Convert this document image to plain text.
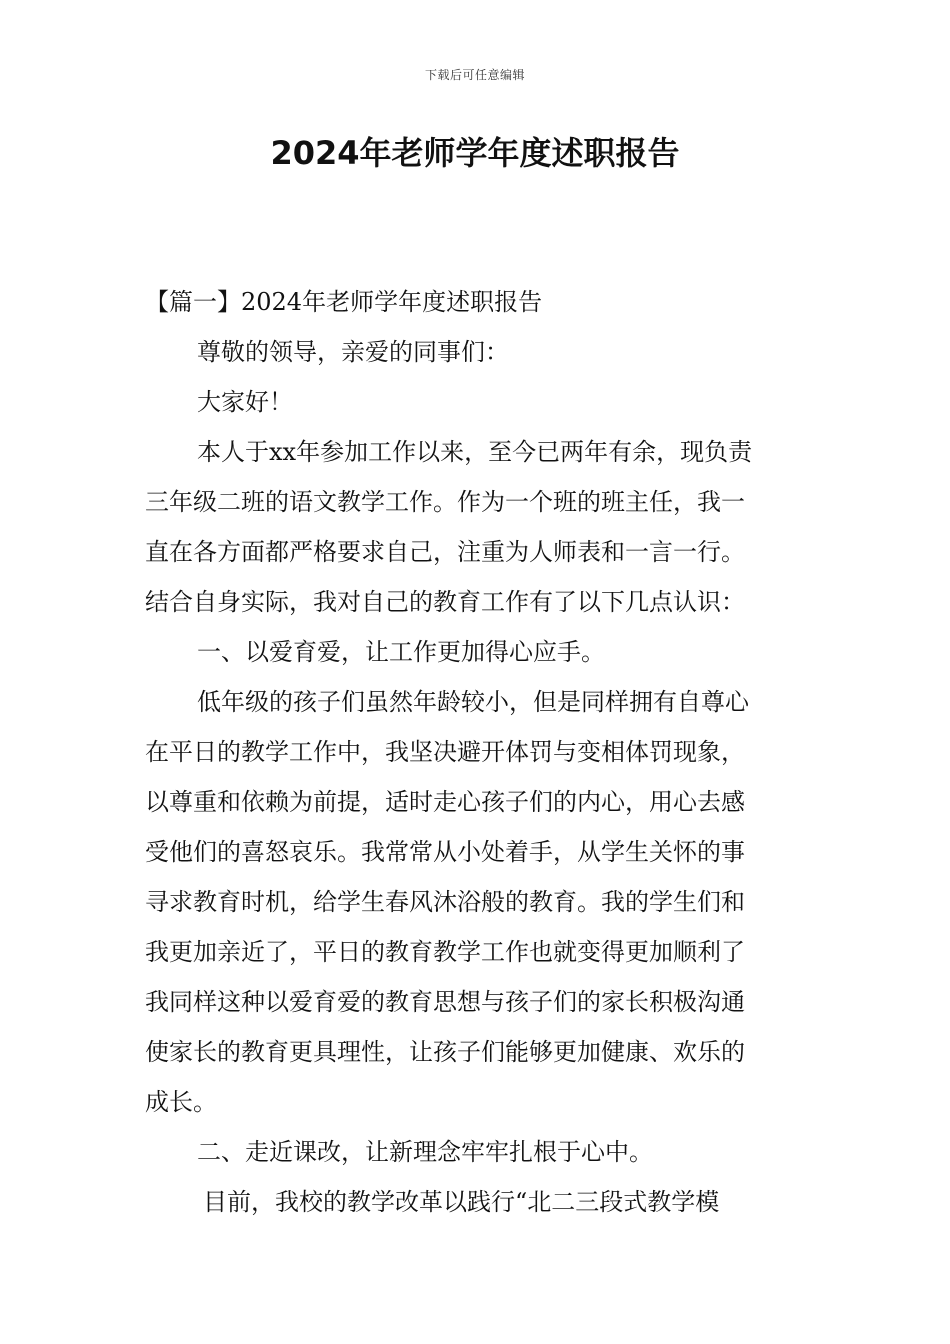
下载后可任意编辑
2024年老师学年度述职报告
【篇一】2024年老师学年度述职报告
尊敬的领导，亲爱的同事们：
大家好！
本人于xx年参加工作以来，至今已两年有余，现负责
三年级二班的语文教学工作。作为一个班的班主任，我一
直在各方面都严格要求自己，注重为人师表和一言一行。
结合自身实际，我对自己的教育工作有了以下几点认识：
一、以爱育爱，让工作更加得心应手。
低年级的孩子们虽然年龄较小，但是同样拥有自尊心
在平日的教学工作中，我坚决避开体罚与变相体罚现象，
以尊重和依赖为前提，适时走心孩子们的内心，用心去感
受他们的喜怒哀乐。我常常从小处着手，从学生关怀的事
寻求教育时机，给学生春风沐浴般的教育。我的学生们和
我更加亲近了，平日的教育教学工作也就变得更加顺利了
我同样这种以爱育爱的教育思想与孩子们的家长积极沟通
使家长的教育更具理性，让孩子们能够更加健康、欢乐的
成长。
二、走近课改，让新理念牢牢扎根于心中。
目前，我校的教学改革以践行“北二三段式教学模
